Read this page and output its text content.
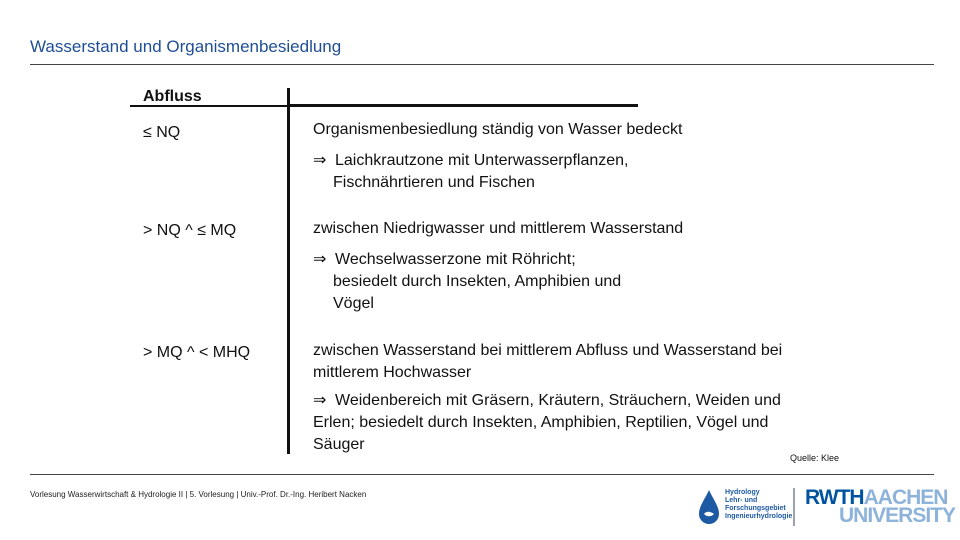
Wasserstand und Organismenbesiedlung
Abfluss
≤ NQ	Organismenbesiedlung ständig von Wasser bedeckt
⇒ Laichkrautzone mit Unterwasserpflanzen,
Fischnährtieren und Fischen
> NQ ^ ≤ MQ	zwischen Niedrigwasser und mittlerem Wasserstand
⇒ Wechselwasserzone mit Röhricht;
besiedelt durch Insekten, Amphibien und
Vögel
> MQ ^ < MHQ	zwischen Wasserstand bei mittlerem Abfluss und Wasserstand bei
mittlerem Hochwasser
⇒ Weidenbereich mit Gräsern, Kräutern, Sträuchern, Weiden und
Erlen; besiedelt durch Insekten, Amphibien, Reptilien, Vögel und
Säuger
Quelle: Klee
Vorlesung Wasserwirtschaft & Hydrologie II | 5. Vorlesung | Univ.-Prof. Dr.-Ing. Heribert Nacken	Hydrology
Lehr- und
Forschungsgebiet
Ingenieurhydrologie
RWTHAACHEN
UNIVERSITY
